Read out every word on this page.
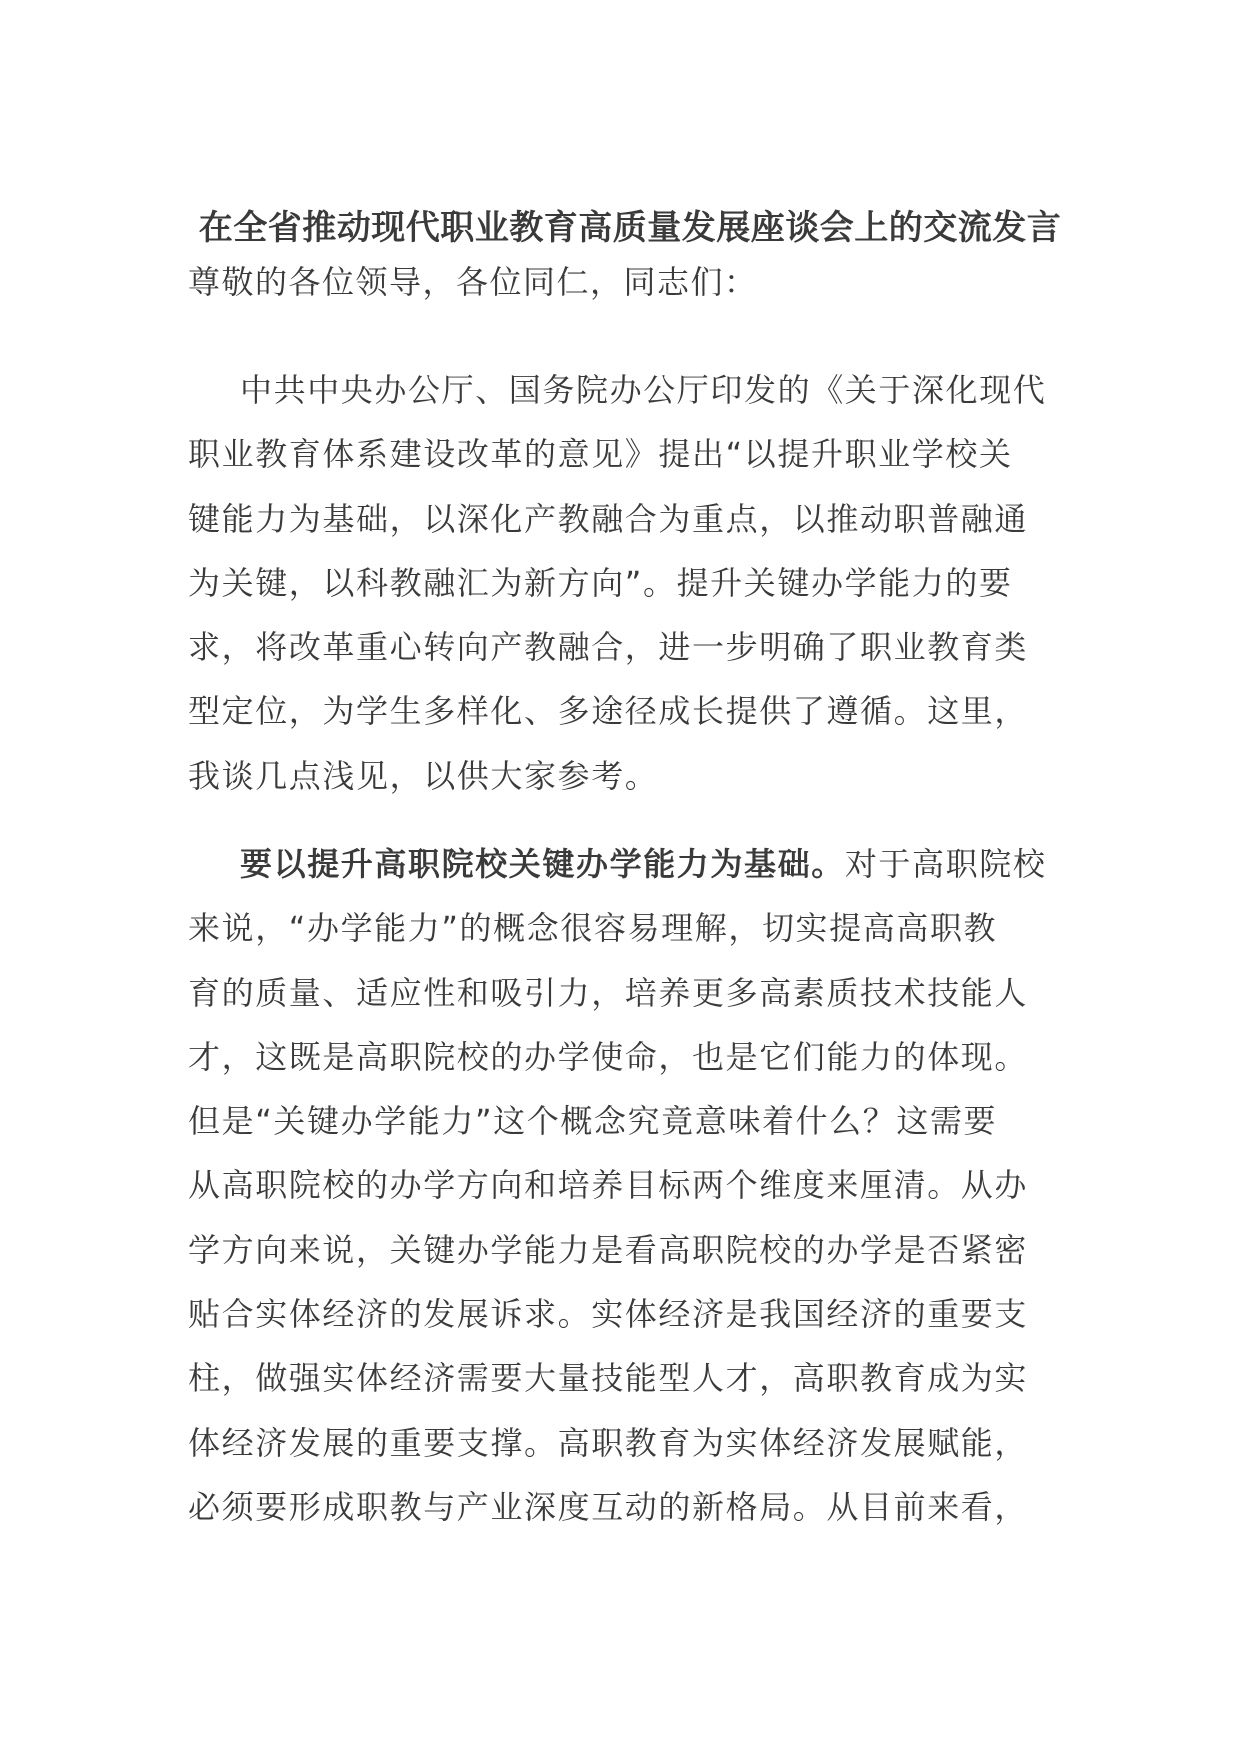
在全省推动现代职业教育高质量发展座谈会上的交流发言

尊敬的各位领导，各位同仁，同志们：

中共中央办公厅、国务院办公厅印发的《关于深化现代
职业教育体系建设改革的意见》提出“以提升职业学校关
键能力为基础，以深化产教融合为重点，以推动职普融通
为关键，以科教融汇为新方向”。提升关键办学能力的要
求，将改革重心转向产教融合，进一步明确了职业教育类
型定位，为学生多样化、多途径成长提供了遵循。这里，
我谈几点浅见，以供大家参考。
要以提升高职院校关键办学能力为基础。对于高职院校
来说，“办学能力”的概念很容易理解，切实提高高职教
育的质量、适应性和吸引力，培养更多高素质技术技能人
才，这既是高职院校的办学使命，也是它们能力的体现。
但是“关键办学能力”这个概念究竟意味着什么？这需要
从高职院校的办学方向和培养目标两个维度来厘清。从办
学方向来说，关键办学能力是看高职院校的办学是否紧密
贴合实体经济的发展诉求。实体经济是我国经济的重要支
柱，做强实体经济需要大量技能型人才，高职教育成为实
体经济发展的重要支撑。高职教育为实体经济发展赋能，
必须要形成职教与产业深度互动的新格局。从目前来看，
